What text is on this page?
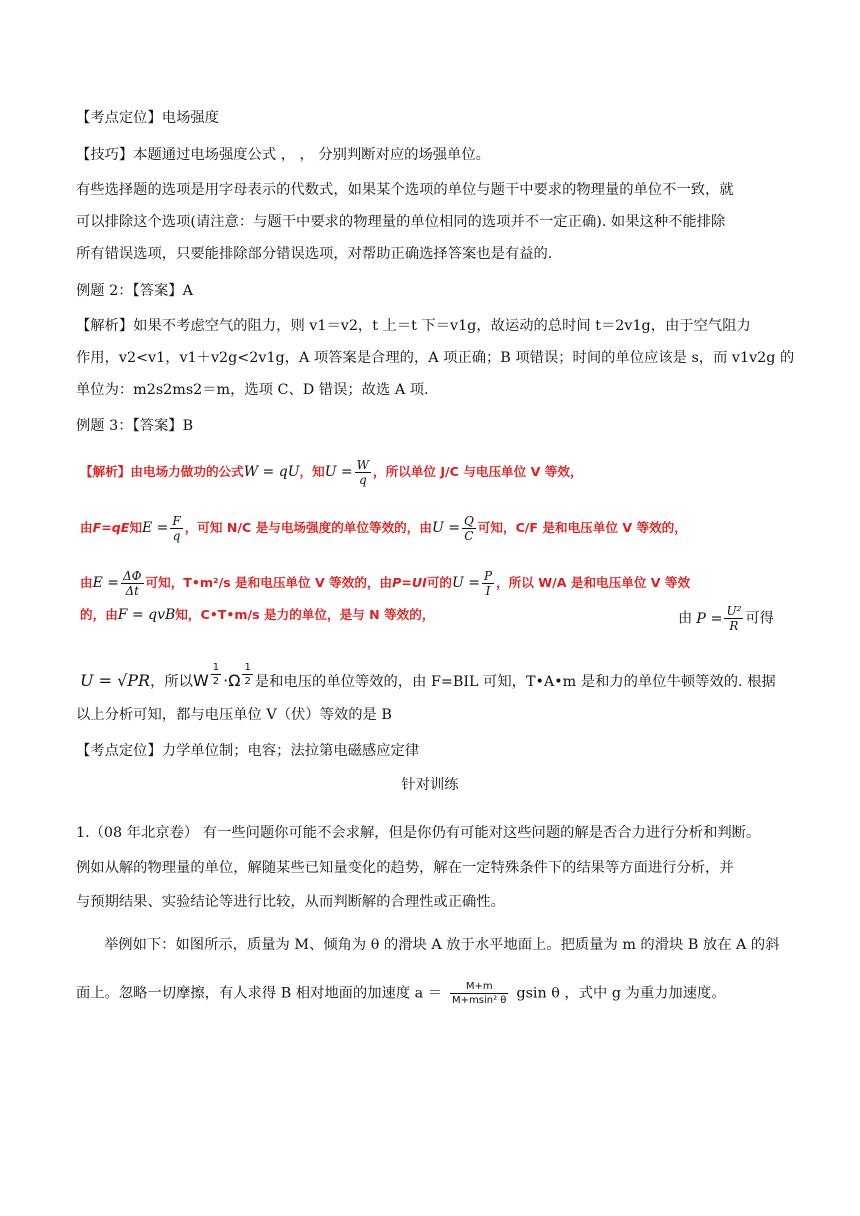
【考点定位】电场强度
【技巧】本题通过电场强度公式 ， ， 分别判断对应的场强单位。
有些选择题的选项是用字母表示的代数式，如果某个选项的单位与题干中要求的物理量的单位不一致，就
可以排除这个选项(请注意：与题干中要求的物理量的单位相同的选项并不一定正确). 如果这种不能排除
所有错误选项，只要能排除部分错误选项，对帮助正确选择答案也是有益的.
例题 2：【答案】A
【解析】如果不考虑空气的阻力，则 v1＝v2，t 上＝t 下＝v1g，故运动的总时间 t＝2v1g，由于空气阻力
作用，v2<v1，v1＋v2g<2v1g，A 项答案是合理的，A 项正确；B 项错误；时间的单位应该是 s，而 v1v2g 的
单位为：m2s2ms2＝m，选项 C、D 错误；故选 A 项.
例题 3：【答案】B
【解析】由电场力做功的公式W = qU，知$U = \frac{W}{q}$ ，所以单位 J/C 与电压单位 V 等效，
由F=qE知$E = \frac{F}{q}$ ，可知 N/C 是与电场强度的单位等效的，由$U = \frac{Q}{C}$ 可知，C/F 是和电压单位 V 等效的，
由$E = \frac{\Delta\Phi}{\Delta t}$ 可知，T•m²/s 是和电压单位 V 等效的，由P=UI可的$U = \frac{P}{I}$ ，所以 W/A 是和电压单位 V 等效
的，由F = qvB知，C•T•m/s 是力的单位，是与 N 等效的，	由 $P = \frac{\text{U²}}{R}$ 可得
U = √PR，所以W $\frac{1}{2} \cdot\Omega \frac{1}{2}$ 是和电压的单位等效的，由 F=BIL 可知，T•A•m 是和力的单位牛顿等效的. 根据
以上分析可知，都与电压单位 V（伏）等效的是 B
【考点定位】力学单位制；电容；法拉第电磁感应定律
针对训练
1.（08 年北京卷） 有一些问题你可能不会求解，但是你仍有可能对这些问题的解是否合力进行分析和判断。
例如从解的物理量的单位，解随某些已知量变化的趋势，解在一定特殊条件下的结果等方面进行分析，并
与预期结果、实验结论等进行比较，从而判断解的合理性或正确性。
举例如下：如图所示，质量为 M、倾角为 θ 的滑块 A 放于水平地面上。把质量为 m 的滑块 B 放在 A 的斜
面上。忽略一切摩擦，有人求得 B 相对地面的加速度 $a = \frac{M+m}{\text{M+msin² θ}}$ gsin θ ，式中 g 为重力加速度。
